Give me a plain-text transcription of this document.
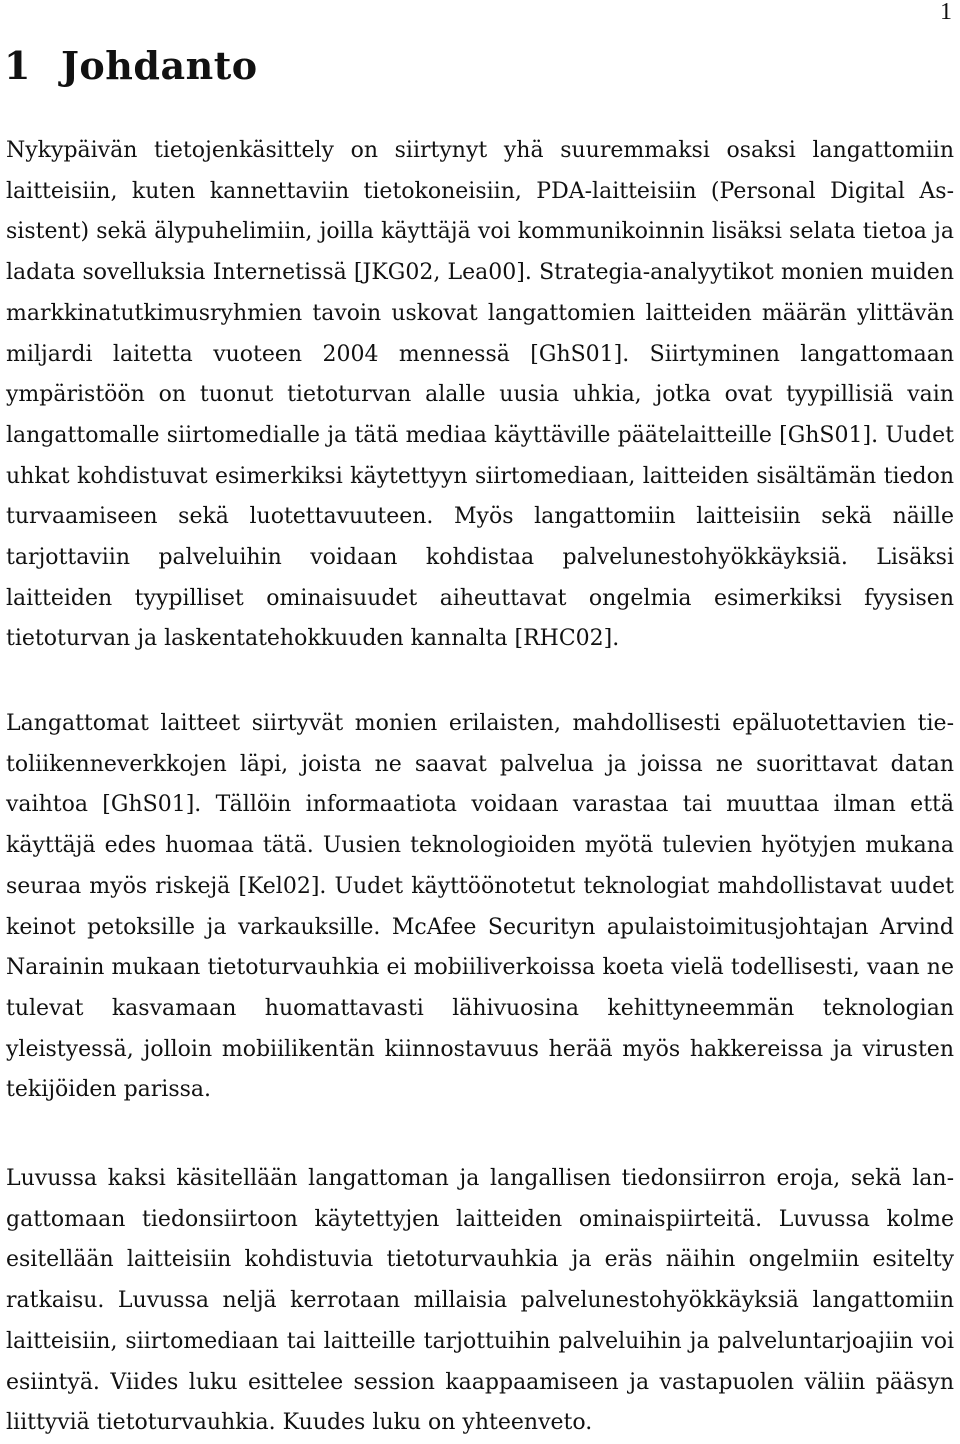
1
1 Johdanto

Nykypäivän tietojenkäsittely on siirtynyt yhä suuremmaksi osaksi langattomiin laitteisiin, kuten kannettaviin tietokoneisiin, PDA-laitteisiin (Personal Digital Assistent) sekä älypuhelimiin, joilla käyttäjä voi kommunikoinnin lisäksi selata tietoa ja ladata sovelluksia Internetissä [JKG02, Lea00]. Strategia-analyytikot monien muiden markkinatutkimusryhmien tavoin uskovat langattomien laitteiden määrän ylittävän miljardi laitetta vuoteen 2004 mennessä [GhS01]. Siirtyminen langattomaan ympäristöön on tuonut tietoturvan alalle uusia uhkia, jotka ovat tyypillisiä vain langattomalle siirtomedialle ja tätä mediaa käyttäville päätelaitteille [GhS01]. Uudet uhkat kohdistuvat esimerkiksi käytettyyn siirtomediaan, laitteiden sisältämän tiedon turvaamiseen sekä luotettavuuteen. Myös langattomiin laitteisiin sekä näille tarjottaviin palveluihin voidaan kohdistaa palvelunestohyökkäyksiä. Lisäksi laitteiden tyypilliset ominaisuudet aiheuttavat ongelmia esimerkiksi fyysisen tietoturvan ja laskentatehokkuuden kannalta [RHC02].

Langattomat laitteet siirtyvät monien erilaisten, mahdollisesti epäluotettavien tietoliikenneverkkojen läpi, joista ne saavat palvelua ja joissa ne suorittavat datan vaihtoa [GhS01]. Tällöin informaatiota voidaan varastaa tai muuttaa ilman että käyttäjä edes huomaa tätä. Uusien teknologioiden myötä tulevien hyötyjen mukana seuraa myös riskejä [Kel02]. Uudet käyttöönotetut teknologiat mahdollistavat uudet keinot petoksille ja varkauksille. McAfee Securityn apulaistoimitusjohtajan Arvind Narainin mukaan tietoturvauhkia ei mobiiliverkoissa koeta vielä todellisesti, vaan ne tulevat kasvamaan huomattavasti lähivuosina kehittyneemmän teknologian yleistyessä, jolloin mobiilikentän kiinnostavuus herää myös hakkereissa ja virusten tekijöiden parissa.

Luvussa kaksi käsitellään langattoman ja langallisen tiedonsiirron eroja, sekä langattomaan tiedonsiirtoon käytettyjen laitteiden ominaispiirteitä. Luvussa kolme esitellään laitteisiin kohdistuvia tietoturvauhkia ja eräs näihin ongelmiin esitelty ratkaisu. Luvussa neljä kerrotaan millaisia palvelunestohyökkäyksiä langattomiin laitteisiin, siirtomediaan tai laitteille tarjottuihin palveluihin ja palveluntarjoajiin voi esiintyä. Viides luku esittelee session kaappaamiseen ja vastapuolen väliin pääsyn liittyviä tietoturvauhkia. Kuudes luku on yhteenveto.
